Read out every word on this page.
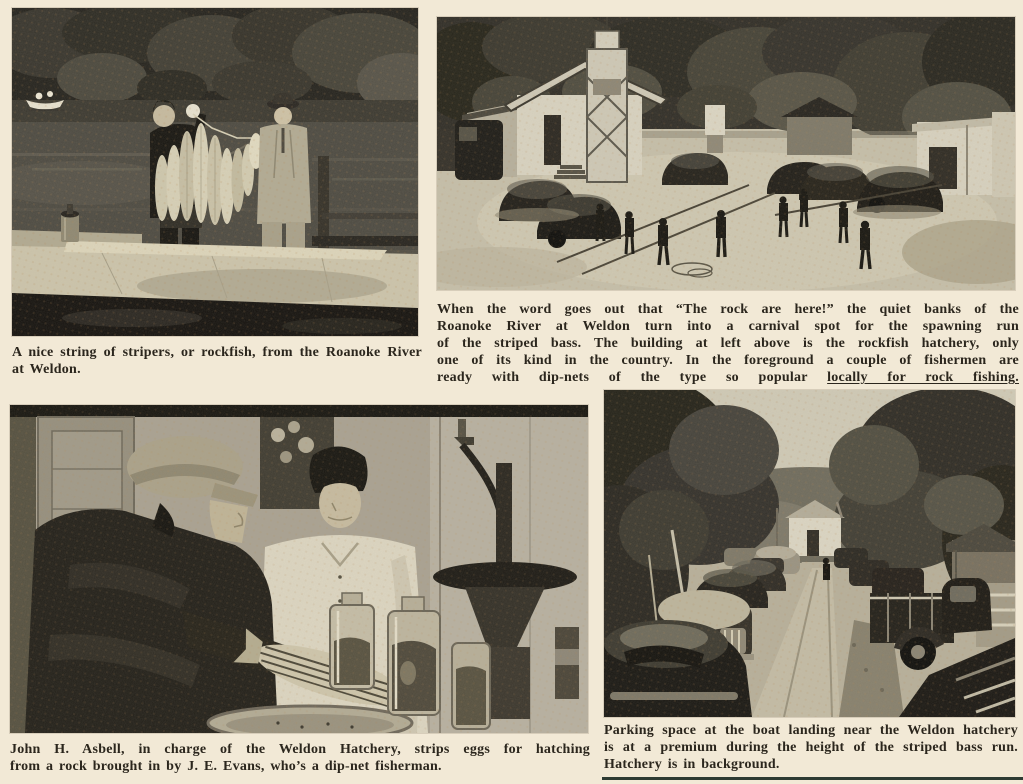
A nice string of stripers, or rockfish, from the Roanoke River
at Weldon.

When the word goes out that “The rock are here!” the quiet banks of the
Roanoke River at Weldon turn into a carnival spot for the spawning run
of the striped bass. The building at left above is the rockfish hatchery, only
one of its kind in the country. In the foreground a couple of fishermen are
ready with dip-nets of the type so popular locally for rock fishing.

John H. Asbell, in charge of the Weldon Hatchery, strips eggs for hatching
from a rock brought in by J. E. Evans, who’s a dip-net fisherman.

Parking space at the boat landing near the Weldon hatchery
is at a premium during the height of the striped bass run.
Hatchery is in background.
